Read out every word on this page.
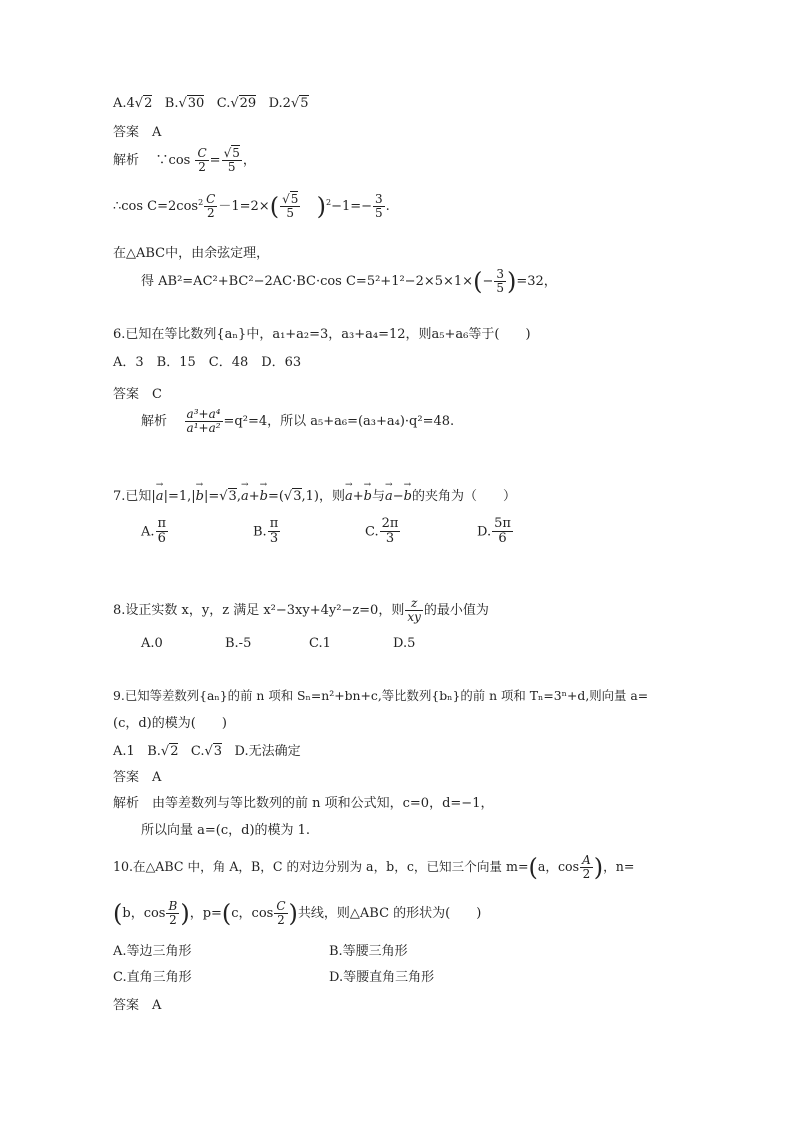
A.4√2 B.√30 C.√29 D.2√5
答案　A
解析 ∵cos $\frac{C}{2} = \frac{√5}{5}$ ，
∴cos $C=2\cos^2 \frac{C}{2} -1=2\times( \frac{√5}{5} )^2-1=- \frac{3}{5}$ .
在△ABC中，由余弦定理，
得 AB²=AC²+BC²−2AC·BC·cos $C=5^2+1^2-2\times 5\times 1\times(- \frac{3}{5} )=32$，
6.已知在等比数列{aₙ}中，a₁+a₂=3，a₃+a₄=12，则a₅+a₆等于(　　)
A．3　B．15　C．48　D．63
答案　C
解析 $\frac{\text{a³+a⁴}}{\text{a¹+a²}} =q^2=4$，所以 a₅+a₆=(a₃+a₄)·q²=48.
7.已知|→ a|=1,|→ b|=√3,→ a+→ b=(√3,1)，则→ a+→ b与→ a−→ b的夹角为（　　）
A. $\frac{\pi}{6}$	B. $\frac{\pi}{3}$	C. $\frac{2\pi}{3}$	D. $\frac{5\pi}{6}$
8.设正实数 x，y，z 满足 x²−3xy+4y²−z=0，则 $\frac{z}{xy}$ 的最小值为
A.0	B.-5	C.1	D.5
9.已知等差数列{aₙ}的前 n 项和 Sₙ=n²+bn+c,等比数列{bₙ}的前 n 项和 Tₙ=3ⁿ+d,则向量 a=
(c，d)的模为(　　)
A.1 B.√2 C.√3 D.无法确定
答案　A
解析　由等差数列与等比数列的前 n 项和公式知，c=0，d=−1，
所以向量 a=(c，d)的模为 1.
10.在△ABC 中，角 A，B，C 的对边分别为 a，b，c，已知三个向量 m=(a，$\cos \frac{A}{2}$ )，n=
(b，$\cos \frac{B}{2}$ )，p=(c，$\cos \frac{C}{2}$ )共线，则△ABC 的形状为(　　)
A.等边三角形	B.等腰三角形
C.直角三角形	D.等腰直角三角形
答案　A
